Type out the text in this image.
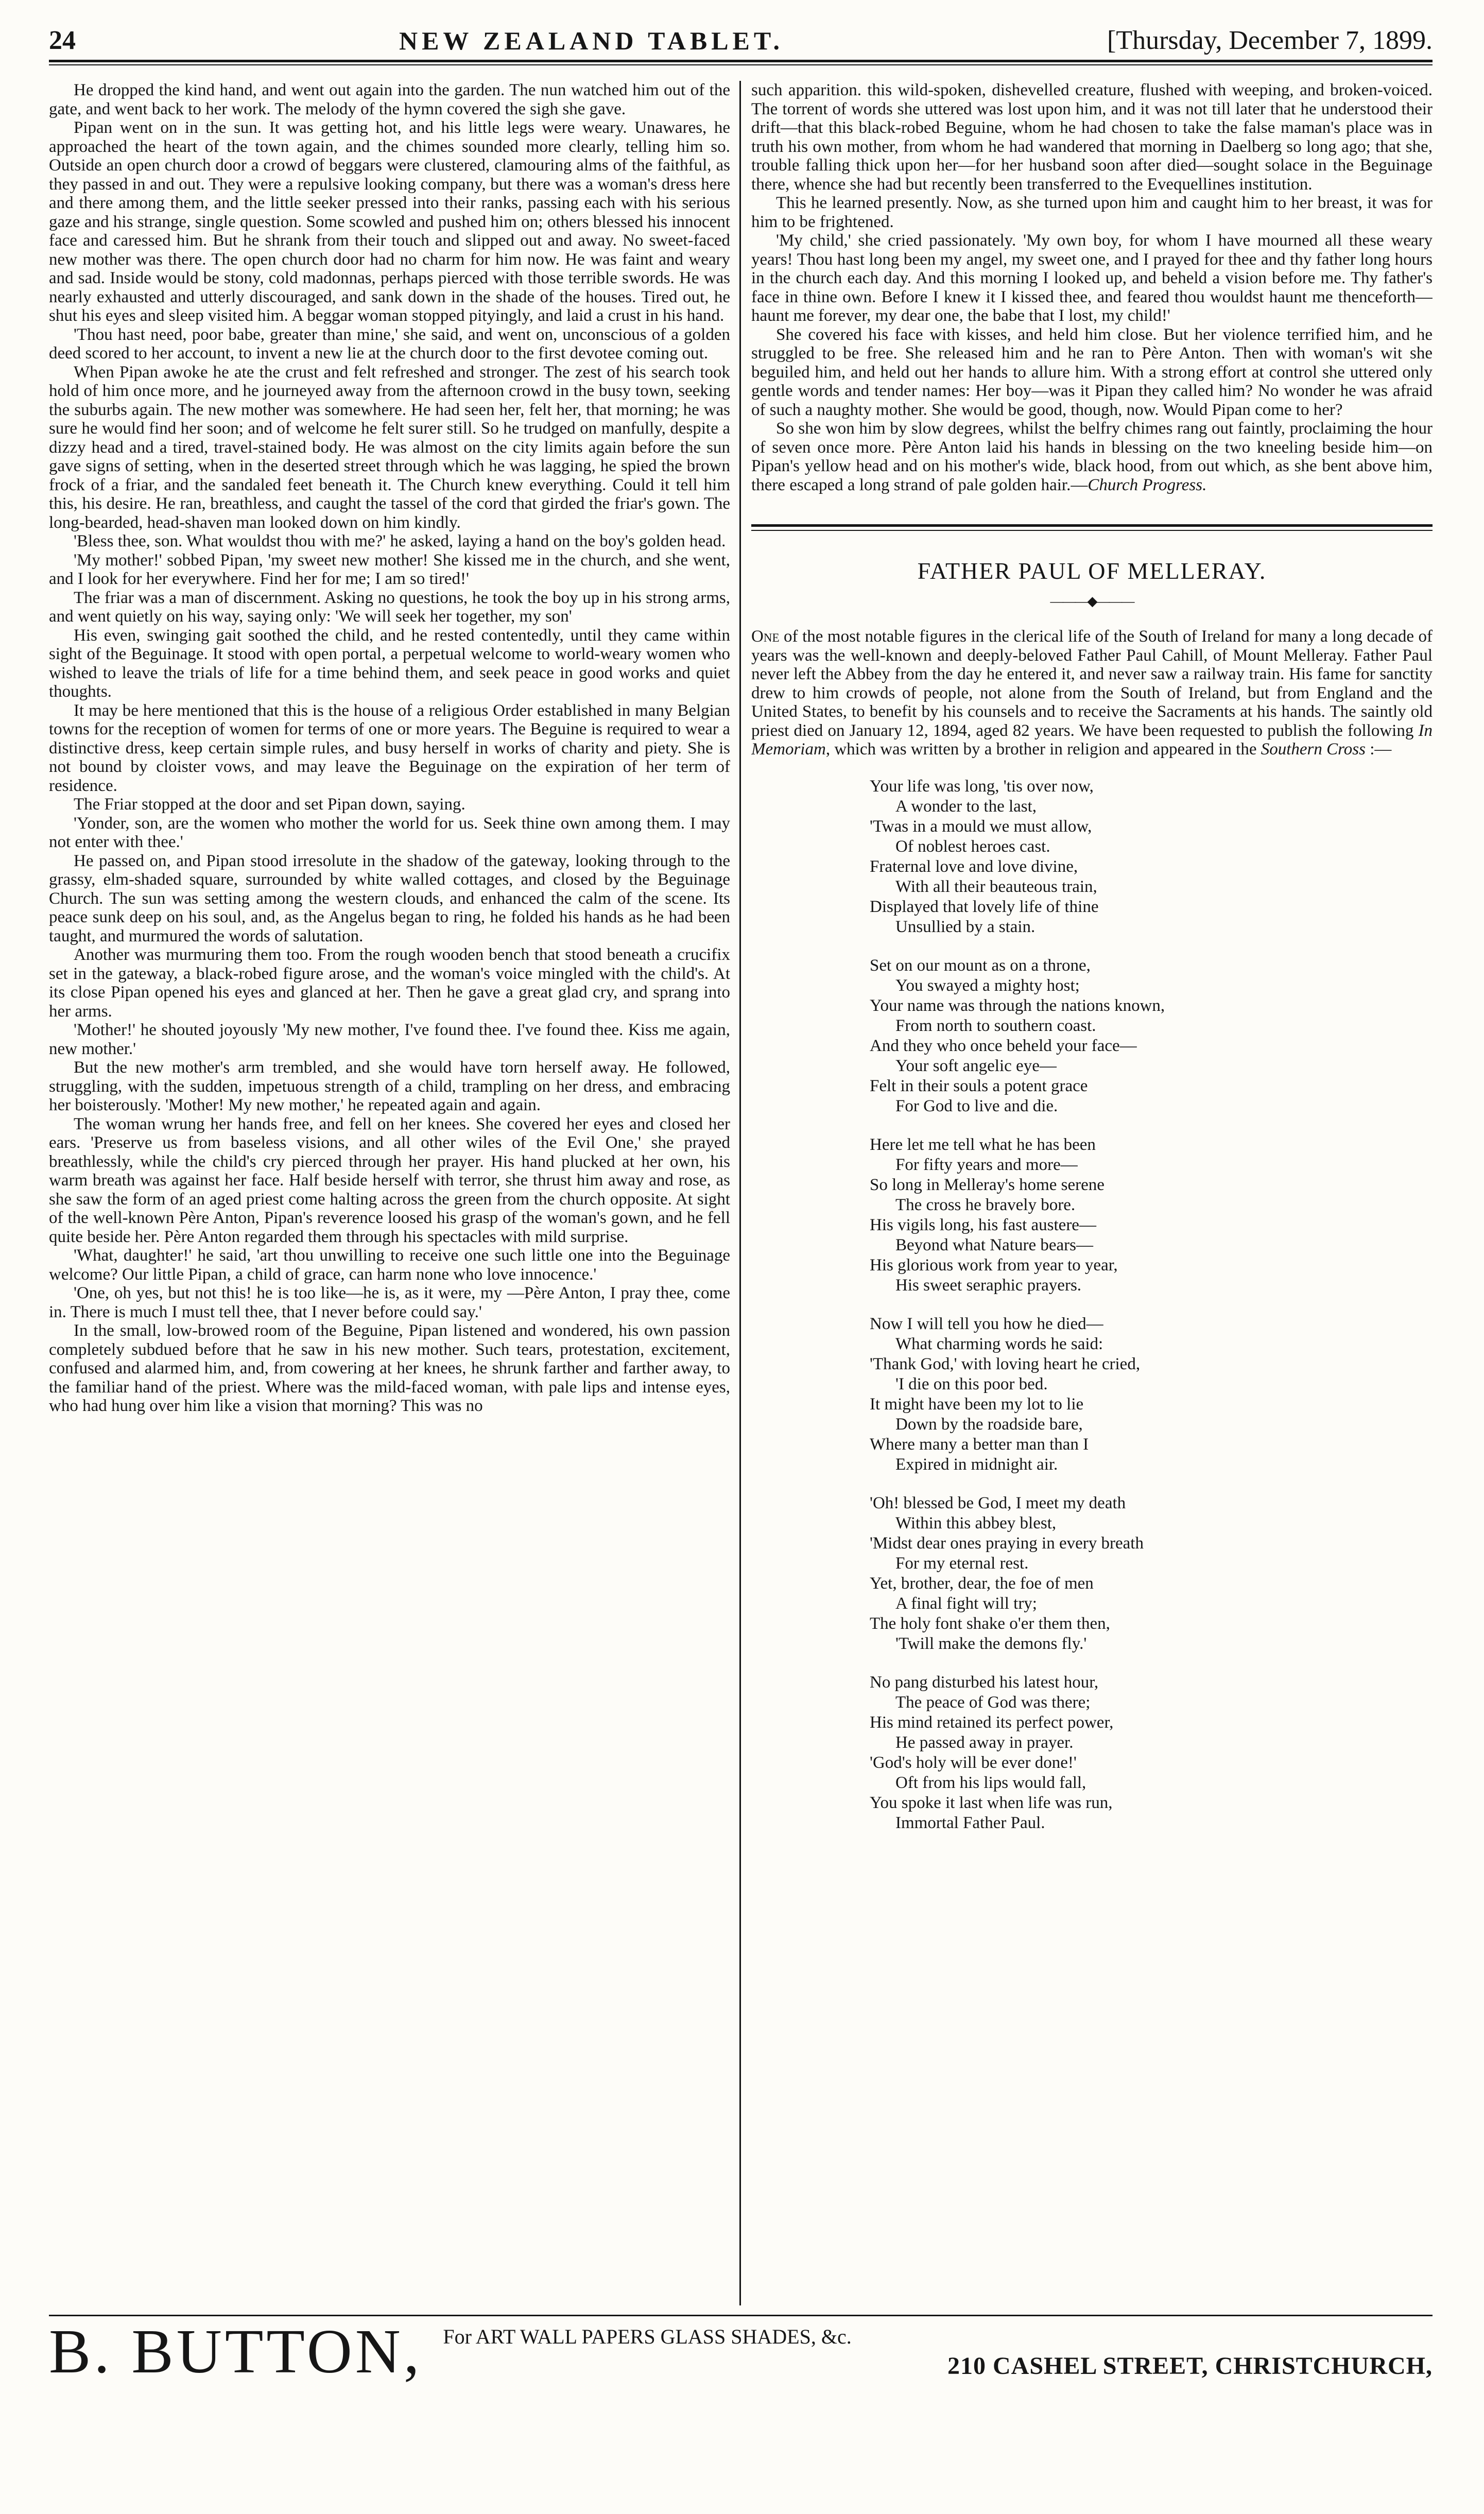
24	NEW ZEALAND TABLET.	[Thursday, December 7, 1899.

He dropped the kind hand, and went out again into the garden. The nun watched him out of the gate, and went back to her work. The melody of the hymn covered the sigh she gave.

Pipan went on in the sun. It was getting hot, and his little legs were weary. Unawares, he approached the heart of the town again, and the chimes sounded more clearly, telling him so. Outside an open church door a crowd of beggars were clustered, clamouring alms of the faithful, as they passed in and out. They were a repulsive looking company, but there was a woman's dress here and there among them, and the little seeker pressed into their ranks, passing each with his serious gaze and his strange, single question. Some scowled and pushed him on; others blessed his innocent face and caressed him. But he shrank from their touch and slipped out and away. No sweet-faced new mother was there. The open church door had no charm for him now. He was faint and weary and sad. Inside would be stony, cold madonnas, perhaps pierced with those terrible swords. He was nearly exhausted and utterly discouraged, and sank down in the shade of the houses. Tired out, he shut his eyes and sleep visited him. A beggar woman stopped pityingly, and laid a crust in his hand.

'Thou hast need, poor babe, greater than mine,' she said, and went on, unconscious of a golden deed scored to her account, to invent a new lie at the church door to the first devotee coming out.

When Pipan awoke he ate the crust and felt refreshed and stronger. The zest of his search took hold of him once more, and he journeyed away from the afternoon crowd in the busy town, seeking the suburbs again. The new mother was somewhere. He had seen her, felt her, that morning; he was sure he would find her soon; and of welcome he felt surer still. So he trudged on manfully, despite a dizzy head and a tired, travel-stained body. He was almost on the city limits again before the sun gave signs of setting, when in the deserted street through which he was lagging, he spied the brown frock of a friar, and the sandaled feet beneath it. The Church knew everything. Could it tell him this, his desire. He ran, breathless, and caught the tassel of the cord that girded the friar's gown. The long-bearded, head-shaven man looked down on him kindly.

'Bless thee, son. What wouldst thou with me?' he asked, laying a hand on the boy's golden head.

'My mother!' sobbed Pipan, 'my sweet new mother! She kissed me in the church, and she went, and I look for her everywhere. Find her for me; I am so tired!'

The friar was a man of discernment. Asking no questions, he took the boy up in his strong arms, and went quietly on his way, saying only: 'We will seek her together, my son'

His even, swinging gait soothed the child, and he rested contentedly, until they came within sight of the Beguinage. It stood with open portal, a perpetual welcome to world-weary women who wished to leave the trials of life for a time behind them, and seek peace in good works and quiet thoughts.

It may be here mentioned that this is the house of a religious Order established in many Belgian towns for the reception of women for terms of one or more years. The Beguine is required to wear a distinctive dress, keep certain simple rules, and busy herself in works of charity and piety. She is not bound by cloister vows, and may leave the Beguinage on the expiration of her term of residence.

The Friar stopped at the door and set Pipan down, saying.

'Yonder, son, are the women who mother the world for us. Seek thine own among them. I may not enter with thee.'

He passed on, and Pipan stood irresolute in the shadow of the gateway, looking through to the grassy, elm-shaded square, surrounded by white walled cottages, and closed by the Beguinage Church. The sun was setting among the western clouds, and enhanced the calm of the scene. Its peace sunk deep on his soul, and, as the Angelus began to ring, he folded his hands as he had been taught, and murmured the words of salutation.

Another was murmuring them too. From the rough wooden bench that stood beneath a crucifix set in the gateway, a black-robed figure arose, and the woman's voice mingled with the child's. At its close Pipan opened his eyes and glanced at her. Then he gave a great glad cry, and sprang into her arms.

'Mother!' he shouted joyously 'My new mother, I've found thee. I've found thee. Kiss me again, new mother.'

But the new mother's arm trembled, and she would have torn herself away. He followed, struggling, with the sudden, impetuous strength of a child, trampling on her dress, and embracing her boisterously. 'Mother! My new mother,' he repeated again and again.

The woman wrung her hands free, and fell on her knees. She covered her eyes and closed her ears. 'Preserve us from baseless visions, and all other wiles of the Evil One,' she prayed breathlessly, while the child's cry pierced through her prayer. His hand plucked at her own, his warm breath was against her face. Half beside herself with terror, she thrust him away and rose, as she saw the form of an aged priest come halting across the green from the church opposite. At sight of the well-known Père Anton, Pipan's reverence loosed his grasp of the woman's gown, and he fell quite beside her. Père Anton regarded them through his spectacles with mild surprise.

'What, daughter!' he said, 'art thou unwilling to receive one such little one into the Beguinage welcome? Our little Pipan, a child of grace, can harm none who love innocence.'

'One, oh yes, but not this! he is too like—he is, as it were, my —Père Anton, I pray thee, come in. There is much I must tell thee, that I never before could say.'

In the small, low-browed room of the Beguine, Pipan listened and wondered, his own passion completely subdued before that he saw in his new mother. Such tears, protestation, excitement, confused and alarmed him, and, from cowering at her knees, he shrunk farther and farther away, to the familiar hand of the priest. Where was the mild-faced woman, with pale lips and intense eyes, who had hung over him like a vision that morning? This was no

such apparition. this wild-spoken, dishevelled creature, flushed with weeping, and broken-voiced. The torrent of words she uttered was lost upon him, and it was not till later that he understood their drift—that this black-robed Beguine, whom he had chosen to take the false maman's place was in truth his own mother, from whom he had wandered that morning in Daelberg so long ago; that she, trouble falling thick upon her—for her husband soon after died—sought solace in the Beguinage there, whence she had but recently been transferred to the Evequellines institution.

This he learned presently. Now, as she turned upon him and caught him to her breast, it was for him to be frightened.

'My child,' she cried passionately. 'My own boy, for whom I have mourned all these weary years! Thou hast long been my angel, my sweet one, and I prayed for thee and thy father long hours in the church each day. And this morning I looked up, and beheld a vision before me. Thy father's face in thine own. Before I knew it I kissed thee, and feared thou wouldst haunt me thenceforth—haunt me forever, my dear one, the babe that I lost, my child!'

She covered his face with kisses, and held him close. But her violence terrified him, and he struggled to be free. She released him and he ran to Père Anton. Then with woman's wit she beguiled him, and held out her hands to allure him. With a strong effort at control she uttered only gentle words and tender names: Her boy—was it Pipan they called him? No wonder he was afraid of such a naughty mother. She would be good, though, now. Would Pipan come to her?

So she won him by slow degrees, whilst the belfry chimes rang out faintly, proclaiming the hour of seven once more. Père Anton laid his hands in blessing on the two kneeling beside him—on Pipan's yellow head and on his mother's wide, black hood, from out which, as she bent above him, there escaped a long strand of pale golden hair.—Church Progress.

FATHER PAUL OF MELLERAY.
———◆———

One of the most notable figures in the clerical life of the South of Ireland for many a long decade of years was the well-known and deeply-beloved Father Paul Cahill, of Mount Melleray. Father Paul never left the Abbey from the day he entered it, and never saw a railway train. His fame for sanctity drew to him crowds of people, not alone from the South of Ireland, but from England and the United States, to benefit by his counsels and to receive the Sacraments at his hands. The saintly old priest died on January 12, 1894, aged 82 years. We have been requested to publish the following In Memoriam, which was written by a brother in religion and appeared in the Southern Cross :—

Your life was long, 'tis over now,
A wonder to the last,
'Twas in a mould we must allow,
Of noblest heroes cast.
Fraternal love and love divine,
With all their beauteous train,
Displayed that lovely life of thine
Unsullied by a stain.
Set on our mount as on a throne,
You swayed a mighty host;
Your name was through the nations known,
From north to southern coast.
And they who once beheld your face—
Your soft angelic eye—
Felt in their souls a potent grace
For God to live and die.
Here let me tell what he has been
For fifty years and more—
So long in Melleray's home serene
The cross he bravely bore.
His vigils long, his fast austere—
Beyond what Nature bears—
His glorious work from year to year,
His sweet seraphic prayers.
Now I will tell you how he died—
What charming words he said:
'Thank God,' with loving heart he cried,
'I die on this poor bed.
It might have been my lot to lie
Down by the roadside bare,
Where many a better man than I
Expired in midnight air.
'Oh! blessed be God, I meet my death
Within this abbey blest,
'Midst dear ones praying in every breath
For my eternal rest.
Yet, brother, dear, the foe of men
A final fight will try;
The holy font shake o'er them then,
'Twill make the demons fly.'
No pang disturbed his latest hour,
The peace of God was there;
His mind retained its perfect power,
He passed away in prayer.
'God's holy will be ever done!'
Oft from his lips would fall,
You spoke it last when life was run,
Immortal Father Paul.
B. BUTTON, For ART WALL PAPERS GLASS SHADES, &c.
210 CASHEL STREET, CHRISTCHURCH,
